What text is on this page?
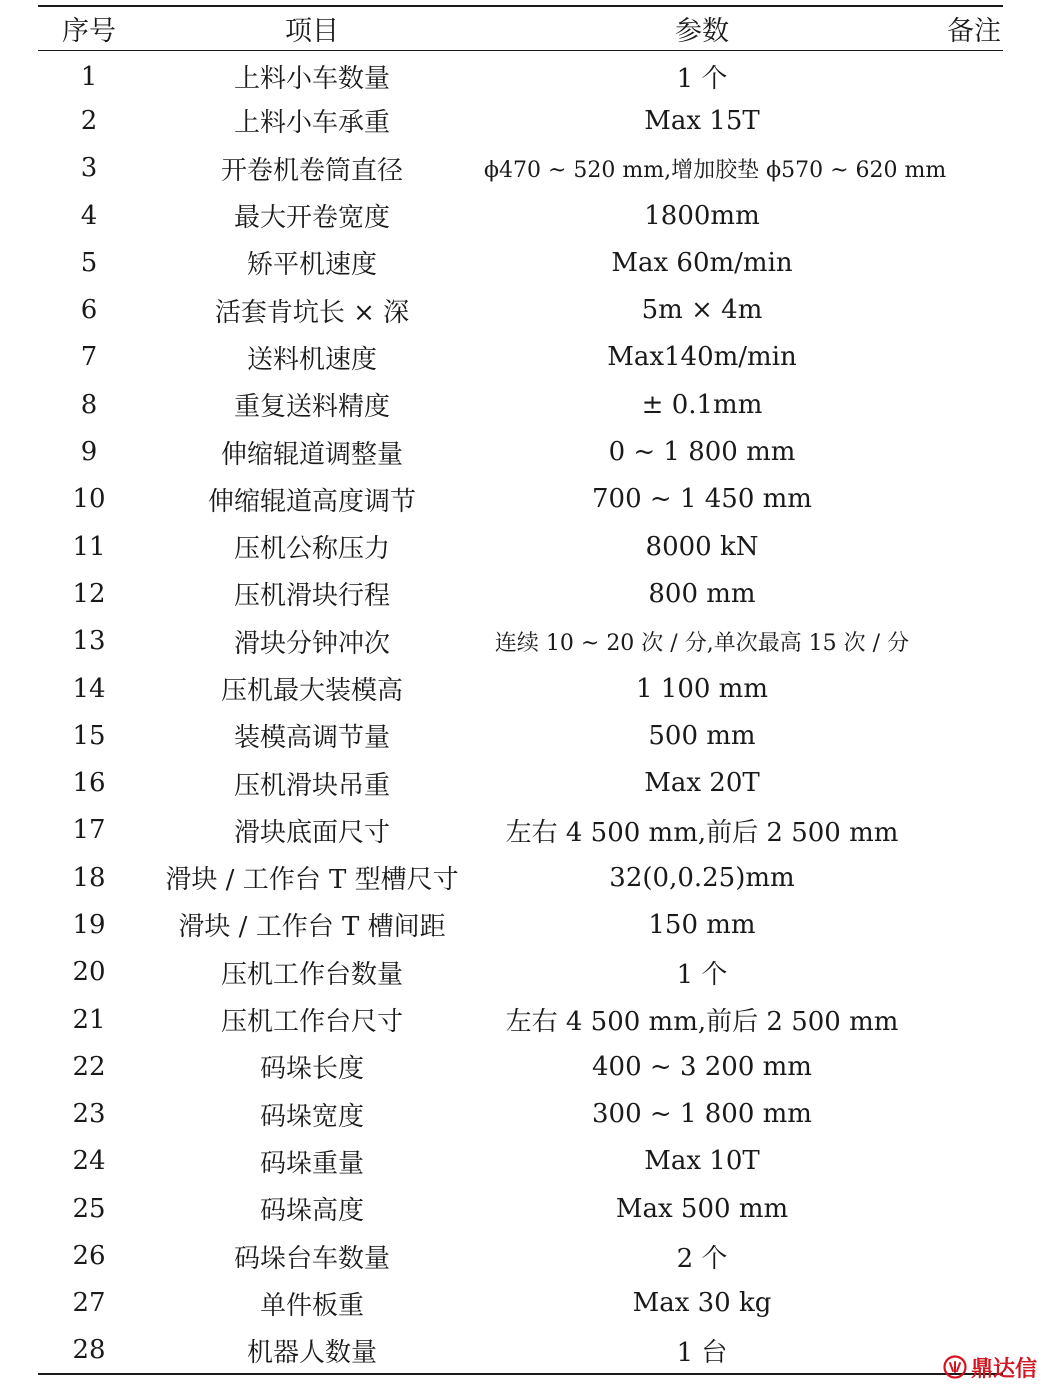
序号	项目	参数	备注
1	上料小车数量	1 个	
2	上料小车承重	Max 15T	
3	开卷机卷筒直径	ϕ470 ~ 520 mm,增加胶垫 ϕ570 ~ 620 mm	
4	最大开卷宽度	1800mm	
5	矫平机速度	Max 60m/min	
6	活套肯坑长 × 深	5m × 4m	
7	送料机速度	Max140m/min	
8	重复送料精度	± 0.1mm	
9	伸缩辊道调整量	0 ~ 1 800 mm	
10	伸缩辊道高度调节	700 ~ 1 450 mm	
11	压机公称压力	8000 kN	
12	压机滑块行程	800 mm	
13	滑块分钟冲次	连续 10 ~ 20 次 / 分,单次最高 15 次 / 分	
14	压机最大装模高	1 100 mm	
15	装模高调节量	500 mm	
16	压机滑块吊重	Max 20T	
17	滑块底面尺寸	左右 4 500 mm,前后 2 500 mm	
18	滑块 / 工作台 T 型槽尺寸	32(0,0.25)mm	
19	滑块 / 工作台 T 槽间距	150 mm	
20	压机工作台数量	1 个	
21	压机工作台尺寸	左右 4 500 mm,前后 2 500 mm	
22	码垛长度	400 ~ 3 200 mm	
23	码垛宽度	300 ~ 1 800 mm	
24	码垛重量	Max 10T	
25	码垛高度	Max 500 mm	
26	码垛台车数量	2 个	
27	单件板重	Max 30 kg	
28	机器人数量	1 台	
鼎达信
